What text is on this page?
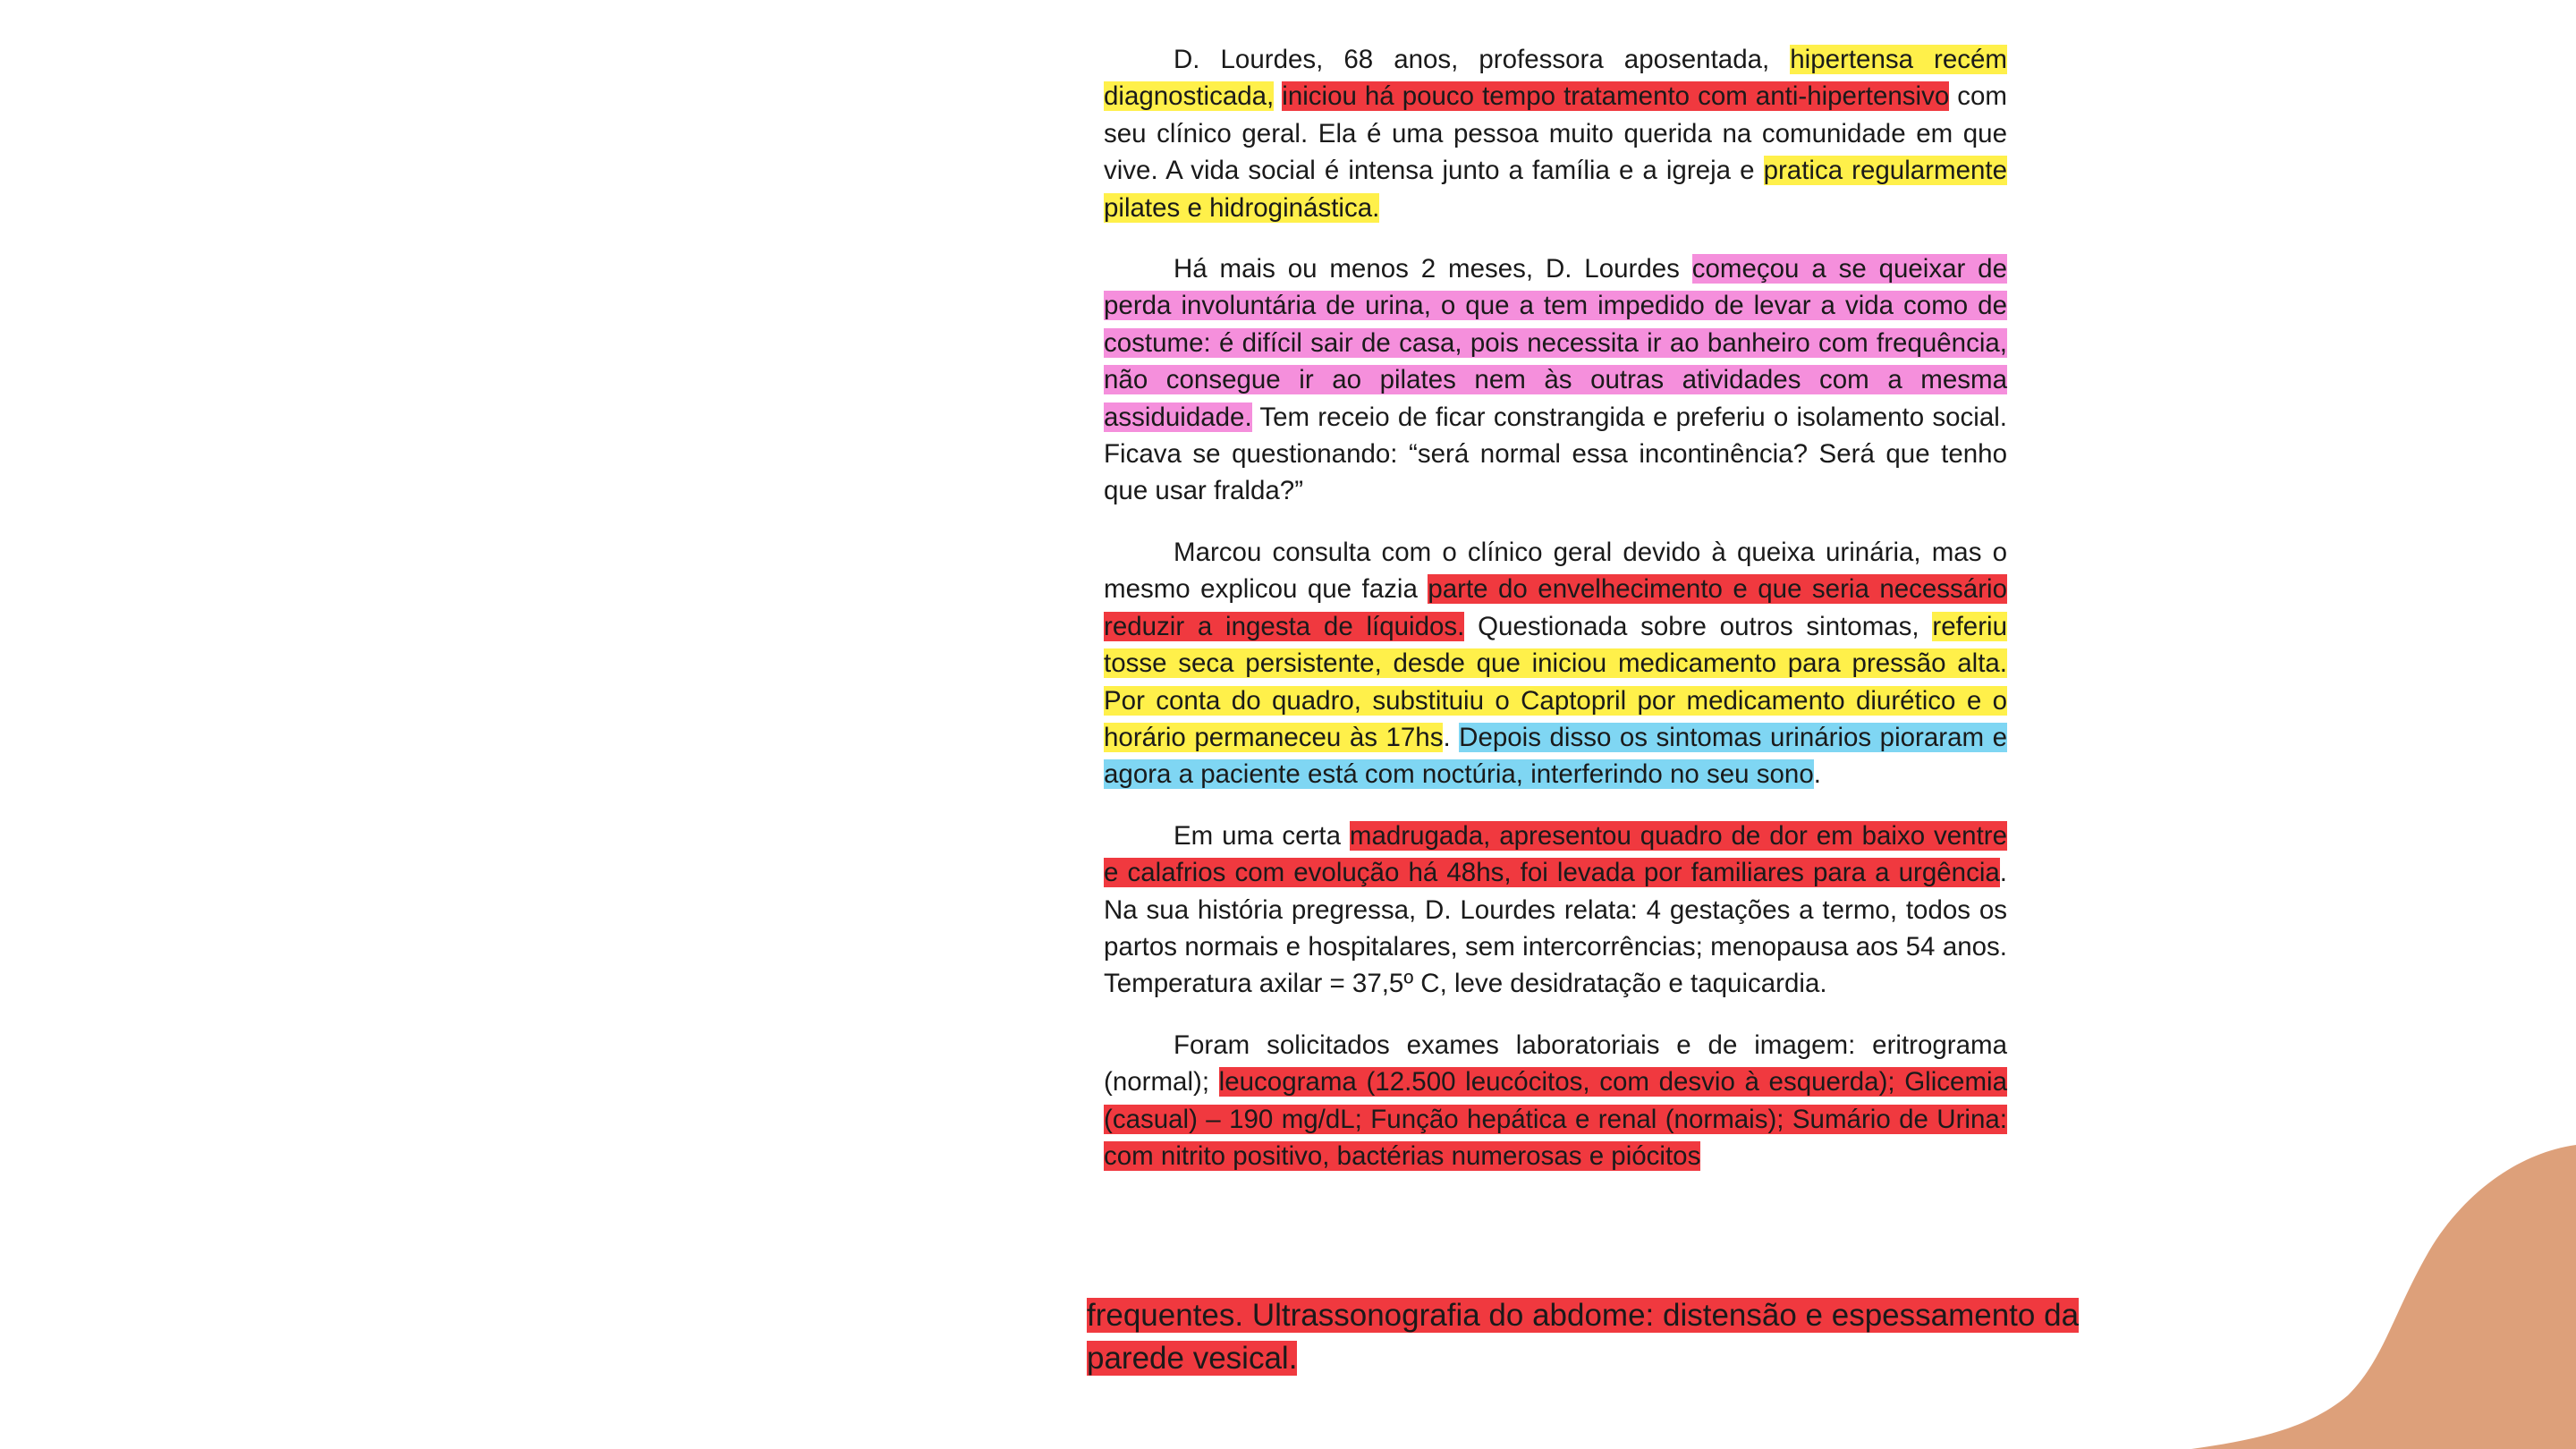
D. Lourdes, 68 anos, professora aposentada, hipertensa recém diagnosticada, iniciou há pouco tempo tratamento com anti-hipertensivo com seu clínico geral. Ela é uma pessoa muito querida na comunidade em que vive. A vida social é intensa junto a família e a igreja e pratica regularmente pilates e hidroginástica.

Há mais ou menos 2 meses, D. Lourdes começou a se queixar de perda involuntária de urina, o que a tem impedido de levar a vida como de costume: é difícil sair de casa, pois necessita ir ao banheiro com frequência, não consegue ir ao pilates nem às outras atividades com a mesma assiduidade. Tem receio de ficar constrangida e preferiu o isolamento social. Ficava se questionando: “será normal essa incontinência? Será que tenho que usar fralda?”

Marcou consulta com o clínico geral devido à queixa urinária, mas o mesmo explicou que fazia parte do envelhecimento e que seria necessário reduzir a ingesta de líquidos. Questionada sobre outros sintomas, referiu tosse seca persistente, desde que iniciou medicamento para pressão alta. Por conta do quadro, substituiu o Captopril por medicamento diurético e o horário permaneceu às 17hs. Depois disso os sintomas urinários pioraram e agora a paciente está com noctúria, interferindo no seu sono.

Em uma certa madrugada, apresentou quadro de dor em baixo ventre e calafrios com evolução há 48hs, foi levada por familiares para a urgência. Na sua história pregressa, D. Lourdes relata: 4 gestações a termo, todos os partos normais e hospitalares, sem intercorrências; menopausa aos 54 anos. Temperatura axilar = 37,5º C, leve desidratação e taquicardia.

Foram solicitados exames laboratoriais e de imagem: eritrograma (normal); leucograma (12.500 leucócitos, com desvio à esquerda); Glicemia (casual) – 190 mg/dL; Função hepática e renal (normais); Sumário de Urina: com nitrito positivo, bactérias numerosas e piócitos

frequentes. Ultrassonografia do abdome: distensão e espessamento da parede vesical.
